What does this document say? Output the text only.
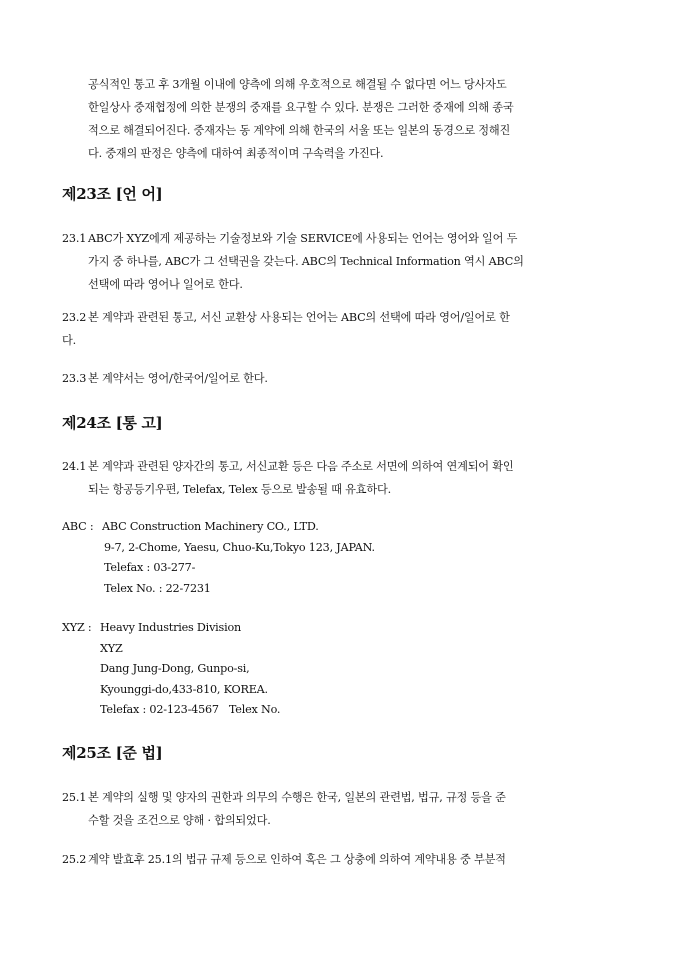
공식적인 통고 후 3개월 이내에 양측에 의해 우호적으로 해결될 수 없다면 어느 당사자도
한일상사 중재협정에 의한 분쟁의 중재를 요구할 수 있다. 분쟁은 그러한 중재에 의해 종국
적으로 해결되어진다. 중재자는 동 계약에 의해 한국의 서울 또는 일본의 동경으로 정해진
다. 중재의 판정은 양측에 대하여 최종적이며 구속력을 가진다.
제23조 [언 어]
23.1 ABC가 XYZ에게 제공하는 기술정보와 기술 SERVICE에 사용되는 언어는 영어와 일어 두
가지 중 하나를, ABC가 그 선택권을 갖는다. ABC의 Technical Information 역시 ABC의
선택에 따라 영어나 일어로 한다.
23.2 본 계약과 관련된 통고, 서신 교환상 사용되는 언어는 ABC의 선택에 따라 영어/일어로 한
다.
23.3 본 계약서는 영어/한국어/일어로 한다.
제24조 [통 고]
24.1 본 계약과 관련된 양자간의 통고, 서신교환 등은 다음 주소로 서면에 의하여 연계되어 확인
되는 항공등기우편, Telefax, Telex 등으로 발송될 때 유효하다.
ABC : ABC Construction Machinery CO., LTD.
9-7, 2-Chome, Yaesu, Chuo-Ku,Tokyo 123, JAPAN.
Telefax : 03-277-
Telex No. : 22-7231
XYZ : Heavy Industries Division
XYZ
Dang Jung-Dong, Gunpo-si,
Kyounggi-do,433-810, KOREA.
Telefax : 02-123-4567   Telex No.
제25조 [준 법]
25.1 본 계약의 실행 및 양자의 권한과 의무의 수행은 한국, 일본의 관련법, 법규, 규정 등을 준
수할 것을 조건으로 양해 · 합의되었다.
25.2 계약 발효후 25.1의 법규 규제 등으로 인하여 혹은 그 상충에 의하여 계약내용 중 부분적
